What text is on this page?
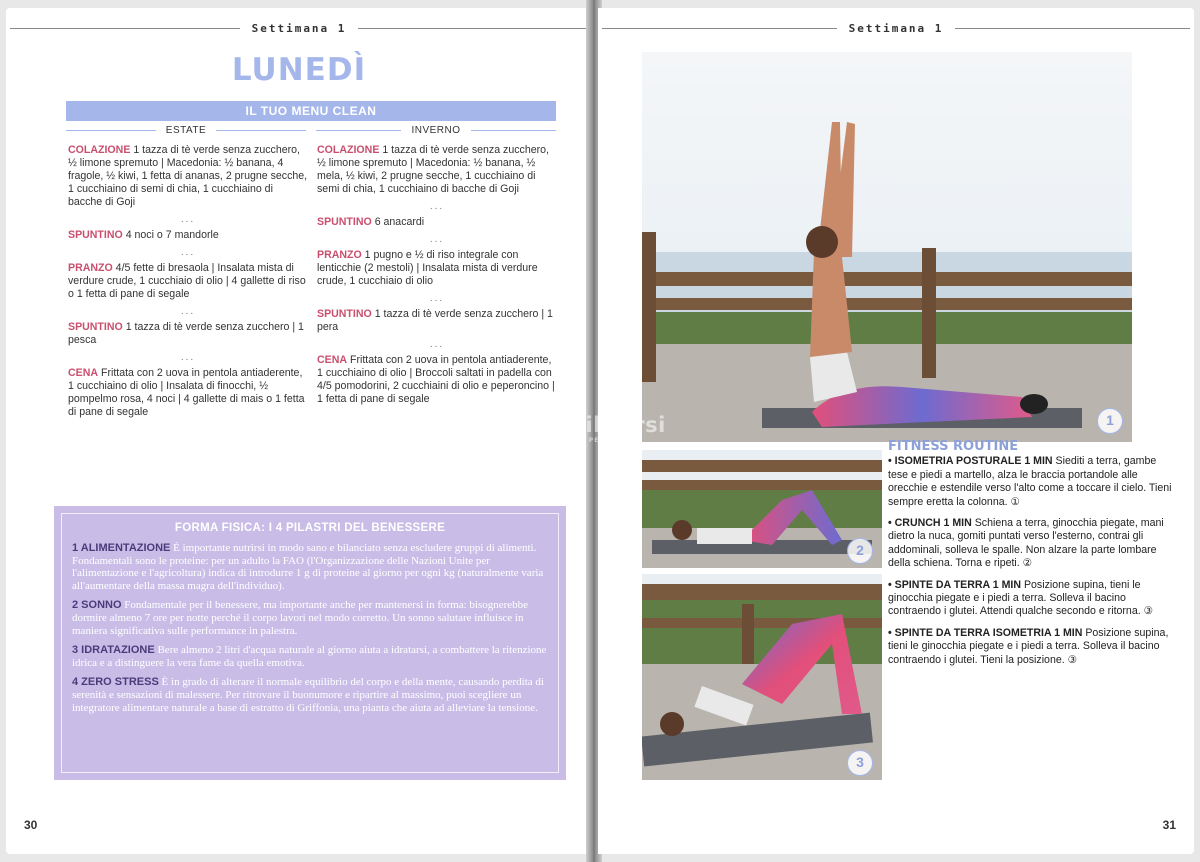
Settimana 1
LUNEDÌ
IL TUO MENU CLEAN
ESTATE	INVERNO
COLAZIONE 1 tazza di tè verde senza zucchero, ½ limone spremuto | Macedonia: ½ banana, 4 fragole, ½ kiwi, 1 fetta di ananas, 2 prugne secche, 1 cucchiaino di semi di chia, 1 cucchiaino di bacche di Goji
...
SPUNTINO 4 noci o 7 mandorle
...
PRANZO 4/5 fette di bresaola | Insalata mista di verdure crude, 1 cucchiaio di olio | 4 gallette di riso o 1 fetta di pane di segale
...
SPUNTINO 1 tazza di tè verde senza zucchero | 1 pesca
...
CENA Frittata con 2 uova in pentola antiaderente, 1 cucchiaino di olio | Insalata di finocchi, ½ pompelmo rosa, 4 noci | 4 gallette di mais o 1 fetta di pane di segale
COLAZIONE 1 tazza di tè verde senza zucchero, ½ limone spremuto | Macedonia: ½ banana, ½ mela, ½ kiwi, 2 prugne secche, 1 cucchiaino di semi di chia, 1 cucchiaino di bacche di Goji
...
SPUNTINO 6 anacardi
...
PRANZO 1 pugno e ½ di riso integrale con lenticchie (2 mestoli) | Insalata mista di verdure crude, 1 cucchiaio di olio
...
SPUNTINO 1 tazza di tè verde senza zucchero | 1 pera
...
CENA Frittata con 2 uova in pentola antiaderente, 1 cucchiaino di olio | Broccoli saltati in padella con 4/5 pomodorini, 2 cucchiaini di olio e peperoncino | 1 fetta di pane di segale
FORMA FISICA: I 4 PILASTRI DEL BENESSERE
1 ALIMENTAZIONE È importante nutrirsi in modo sano e bilanciato senza escludere gruppi di alimenti. Fondamentali sono le proteine: per un adulto la FAO (l'Organizzazione delle Nazioni Unite per l'alimentazione e l'agricoltura) indica di introdurre 1 g di proteine al giorno per ogni kg (naturalmente varia all'aumentare della massa magra dell'individuo).
2 SONNO Fondamentale per il benessere, ma importante anche per mantenersi in forma: bisognerebbe dormire almeno 7 ore per notte perché il corpo lavori nel modo corretto. Un sonno salutare influisce in maniera significativa sulle performance in palestra.
3 IDRATAZIONE Bere almeno 2 litri d'acqua naturale al giorno aiuta a idratarsi, a combattere la ritenzione idrica e a distinguere la vera fame da quella emotiva.
4 ZERO STRESS È in grado di alterare il normale equilibrio del corpo e della mente, causando perdita di serenità e sensazioni di malessere. Per ritrovare il buonumore e ripartire al massimo, puoi scegliere un integratore alimentare naturale a base di estratto di Griffonia, una pianta che aiuta ad alleviare la tensione.
30
Settimana 1
1
2
3
FITNESS ROUTINE
• ISOMETRIA POSTURALE 1 MIN Siediti a terra, gambe tese e piedi a martello, alza le braccia portandole alle orecchie e estendile verso l'alto come a toccare il cielo. Tieni sempre eretta la colonna. ①
• CRUNCH 1 MIN Schiena a terra, ginocchia piegate, mani dietro la nuca, gomiti puntati verso l'esterno, contrai gli addominali, solleva le spalle. Non alzare la parte lombare della schiena. Torna e ripeti. ②
• SPINTE DA TERRA 1 MIN Posizione supina, tieni le ginocchia piegate e i piedi a terra. Solleva il bacino contraendo i glutei. Attendi qualche secondo e ritorna. ③
• SPINTE DA TERRA ISOMETRIA 1 MIN Posizione supina, tieni le ginocchia piegate e i piedi a terra. Solleva il bacino contraendo i glutei. Tieni la posizione. ③
31
macrolibrarsi
ALTERNATIVI PER NATURA
